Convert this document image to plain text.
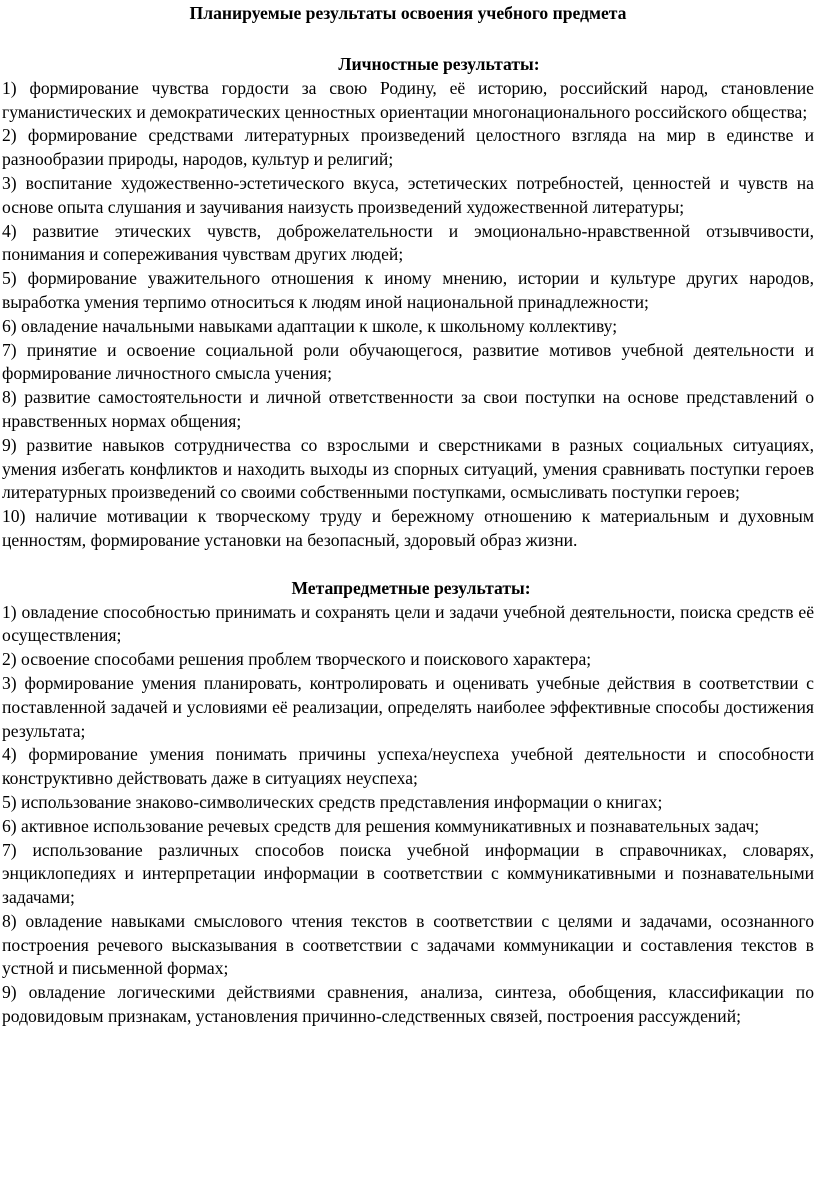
Планируемые результаты освоения учебного предмета
Личностные результаты:

1) формирование чувства гордости за свою Родину, её историю, российский народ, становление гуманистических и демократических ценностных ориентации многонационального российского общества;

2) формирование средствами литературных произведений целостного взгляда на мир в единстве и разнообразии природы, народов, культур и религий;

3) воспитание художественно-эстетического вкуса, эстетических потребностей, ценностей и чувств на основе опыта слушания и заучивания наизусть произведений художественной литературы;

4) развитие этических чувств, доброжелательности и эмоционально-нравственной отзывчивости, понимания и сопереживания чувствам других людей;

5) формирование уважительного отношения к иному мнению, истории и культуре других народов, выработка умения терпимо относиться к людям иной национальной принадлежности;

6) овладение начальными навыками адаптации к школе, к школьному коллективу;

7) принятие и освоение социальной роли обучающегося, развитие мотивов учебной деятельности и формирование личностного смысла учения;

8) развитие самостоятельности и личной ответственности за свои поступки на основе представлений о нравственных нормах общения;

9) развитие навыков сотрудничества со взрослыми и сверстниками в разных социальных ситуациях, умения избегать конфликтов и находить выходы из спорных ситуаций, умения сравнивать поступки героев литературных произведений со своими собственными поступками, осмысливать поступки героев;

10) наличие мотивации к творческому труду и бережному отношению к материальным и духовным ценностям, формирование установки на безопасный, здоровый образ жизни.

Метапредметные результаты:

1) овладение способностью принимать и сохранять цели и задачи учебной деятельности, поиска средств её осуществления;

2) освоение способами решения проблем творческого и поискового характера;

3) формирование умения планировать, контролировать и оценивать учебные действия в соответствии с поставленной задачей и условиями её реализации, определять наиболее эффективные способы достижения результата;

4) формирование умения понимать причины успеха/неуспеха учебной деятельности и способности конструктивно действовать даже в ситуациях неуспеха;

5) использование знаково-символических средств представления информации о книгах;

6) активное использование речевых средств для решения коммуникативных и познавательных задач;

7) использование различных способов поиска учебной информации в справочниках, словарях, энциклопедиях и интерпретации информации в соответствии с коммуникативными и познавательными задачами;

8) овладение навыками смыслового чтения текстов в соответствии с целями и задачами, осознанного построения речевого высказывания в соответствии с задачами коммуникации и составления текстов в устной и письменной формах;

9) овладение логическими действиями сравнения, анализа, синтеза, обобщения, классификации по родовидовым признакам, установления причинно-следственных связей, построения рассуждений;
